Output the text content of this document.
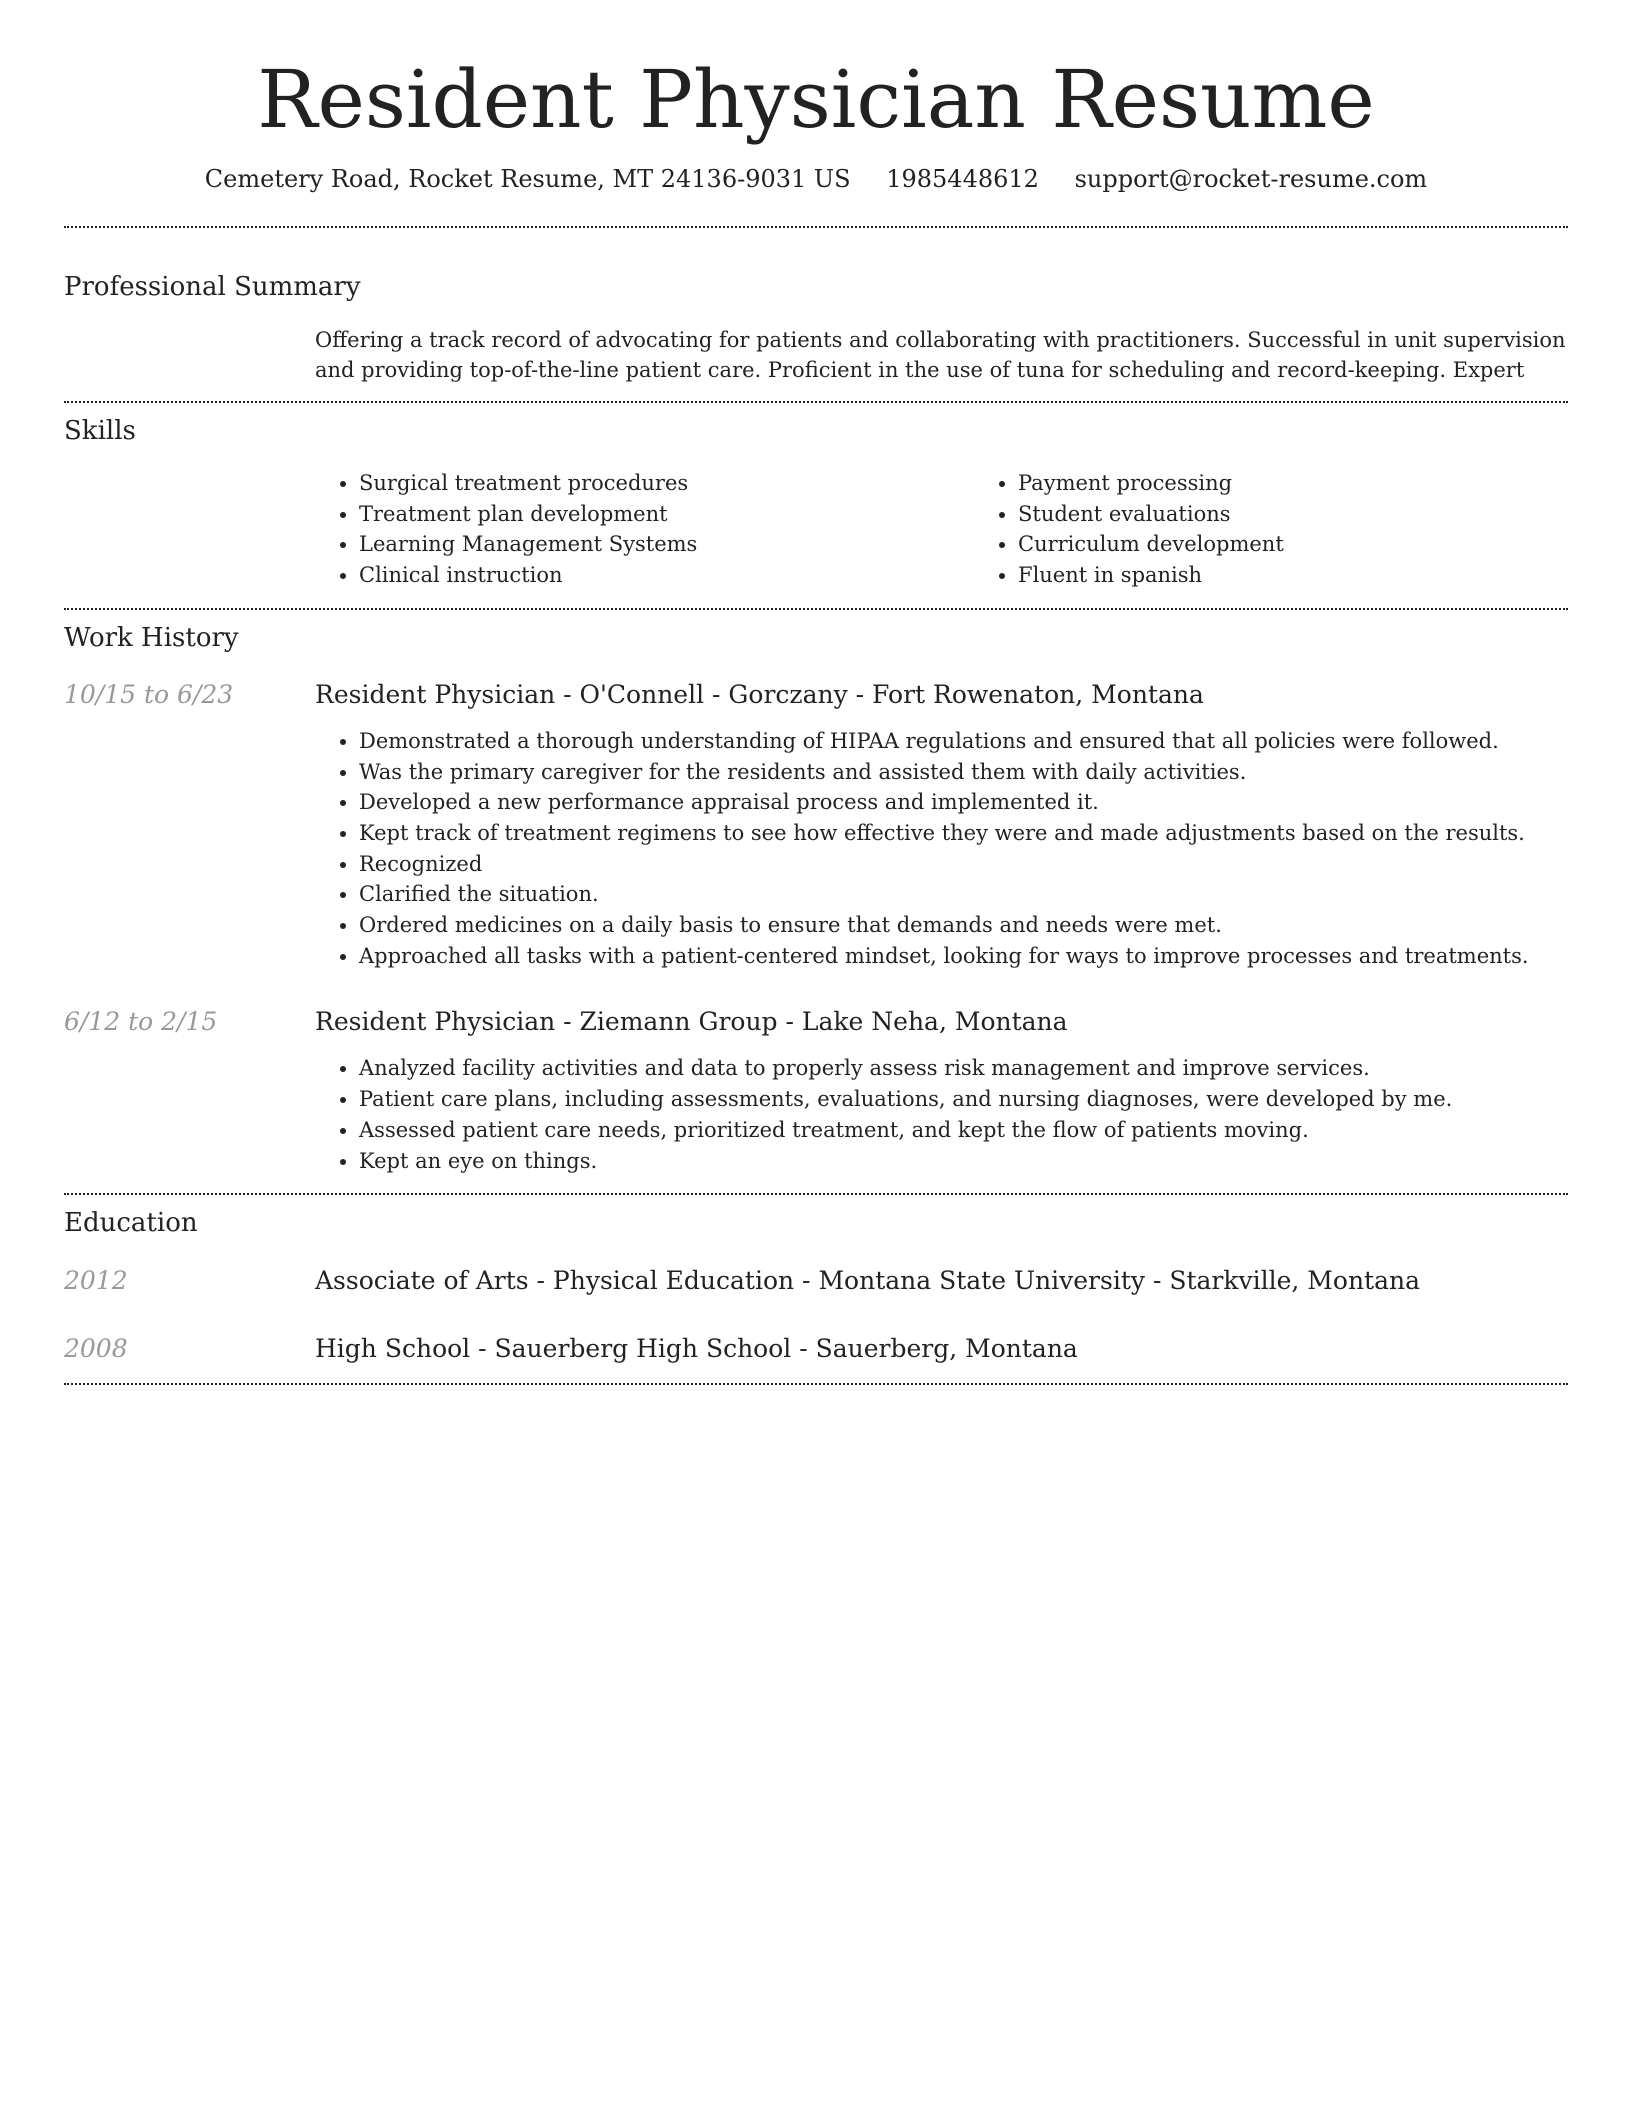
Resident Physician Resume
Cemetery Road, Rocket Resume, MT 24136-9031 US 1985448612 support@rocket-resume.com
Professional Summary

Offering a track record of advocating for patients and collaborating with practitioners. Successful in unit supervision and providing top-of-the-line patient care. Proficient in the use of tuna for scheduling and record-keeping. Expert

Skills
• Surgical treatment procedures
• Treatment plan development
• Learning Management Systems
• Clinical instruction
• Payment processing
• Student evaluations
• Curriculum development
• Fluent in spanish
Work History
10/15 to 6/23	Resident Physician - O'Connell - Gorczany - Fort Rowenaton, Montana
• Demonstrated a thorough understanding of HIPAA regulations and ensured that all policies were followed.
• Was the primary caregiver for the residents and assisted them with daily activities.
• Developed a new performance appraisal process and implemented it.
• Kept track of treatment regimens to see how effective they were and made adjustments based on the results.
• Recognized
• Clarified the situation.
• Ordered medicines on a daily basis to ensure that demands and needs were met.
• Approached all tasks with a patient-centered mindset, looking for ways to improve processes and treatments.
6/12 to 2/15	Resident Physician - Ziemann Group - Lake Neha, Montana
• Analyzed facility activities and data to properly assess risk management and improve services.
• Patient care plans, including assessments, evaluations, and nursing diagnoses, were developed by me.
• Assessed patient care needs, prioritized treatment, and kept the flow of patients moving.
• Kept an eye on things.
Education
2012	Associate of Arts - Physical Education - Montana State University - Starkville, Montana
2008	High School - Sauerberg High School - Sauerberg, Montana
